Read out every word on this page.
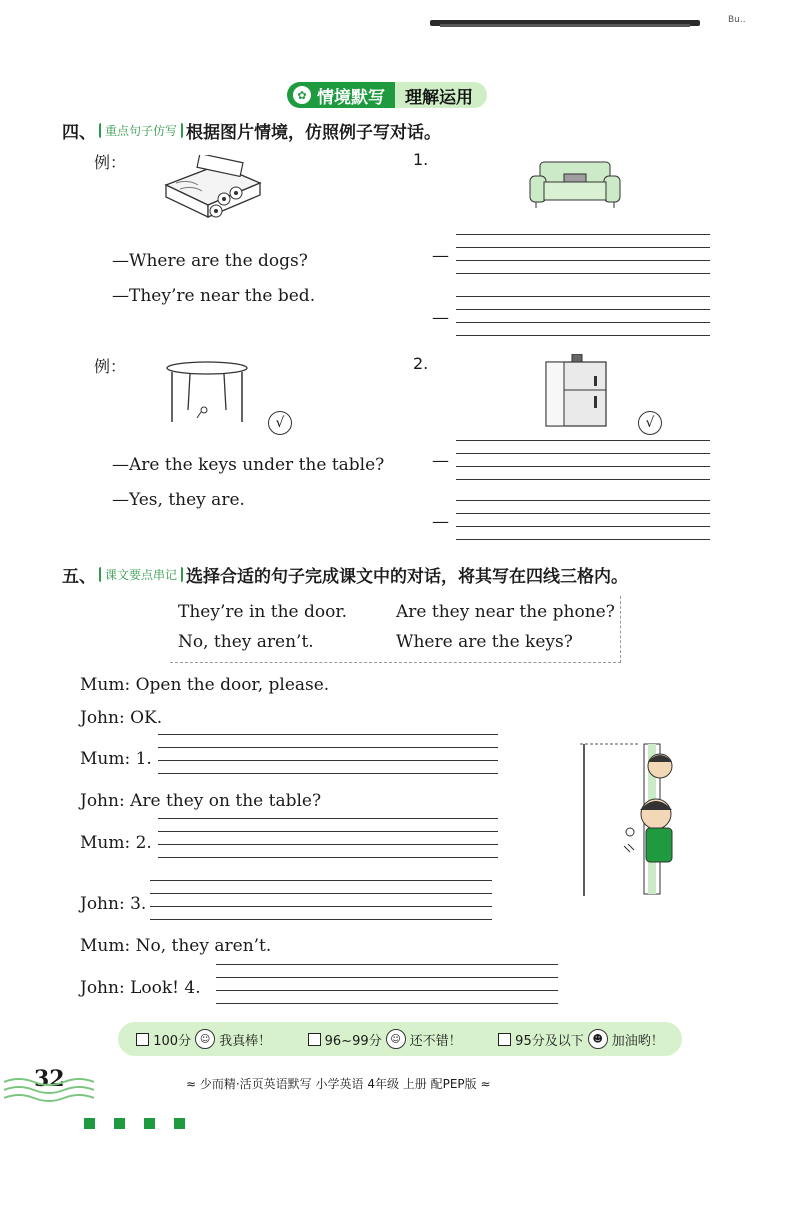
Bu..
✿ 情境默写	理解运用
四、 重点句子仿写 根据图片情境，仿照例子写对话。
例：
—Where are the dogs?
—They’re near the bed.
1.
—
—
例：
√
—Are the keys under the table?
—Yes, they are.
2.
√
—
—
五、 课文要点串记 选择合适的句子完成课文中的对话，将其写在四线三格内。
They’re in the door.	Are they near the phone?
No, they aren’t.	Where are the keys?
Mum: Open the door, please.
John: OK.
Mum: 1.
John: Are they on the table?
Mum: 2.
John: 3.
Mum: No, they aren’t.
John: Look! 4.
100分 ☺ 我真棒！	96~99分 ☺ 还不错！	95分及以下 ☻ 加油哟！
32	≈ 少而精·活页英语默写 小学英语 4年级 上册 配PEP版 ≈
